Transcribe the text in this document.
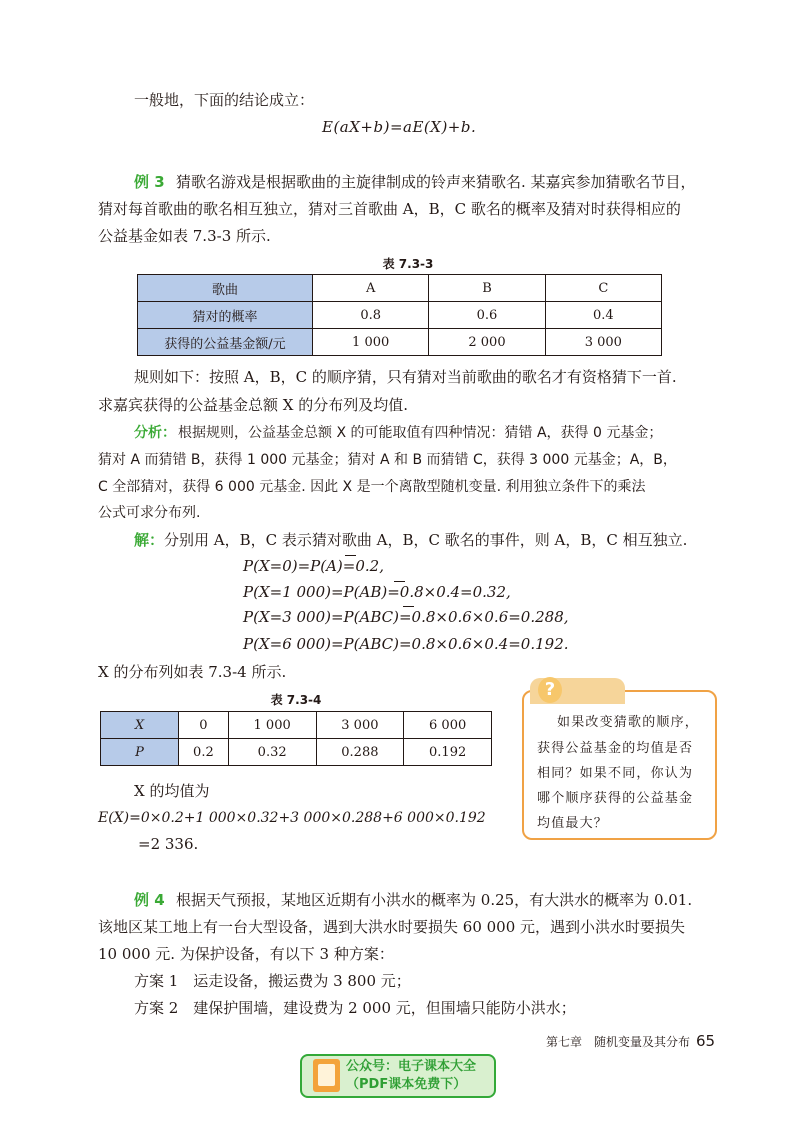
一般地，下面的结论成立：
E(aX+b)=aE(X)+b.
例 3 猜歌名游戏是根据歌曲的主旋律制成的铃声来猜歌名. 某嘉宾参加猜歌名节目，
猜对每首歌曲的歌名相互独立，猜对三首歌曲 A，B，C 歌名的概率及猜对时获得相应的
公益基金如表 7.3-3 所示.
表 7.3-3
歌曲	A	B	C
猜对的概率	0.8	0.6	0.4
获得的公益基金额/元	1 000	2 000	3 000
规则如下：按照 A，B，C 的顺序猜，只有猜对当前歌曲的歌名才有资格猜下一首.
求嘉宾获得的公益基金总额 X 的分布列及均值.
分析： 根据规则，公益基金总额 X 的可能取值有四种情况：猜错 A，获得 0 元基金；
猜对 A 而猜错 B，获得 1 000 元基金；猜对 A 和 B 而猜错 C，获得 3 000 元基金；A，B，
C 全部猜对，获得 6 000 元基金. 因此 X 是一个离散型随机变量. 利用独立条件下的乘法
公式可求分布列.
解： 分别用 A，B，C 表示猜对歌曲 A，B，C 歌名的事件，则 A，B，C 相互独立.
P(X=0)=P(A)=0.2,
P(X=1 000)=P(AB)=0.8×0.4=0.32,
P(X=3 000)=P(ABC)=0.8×0.6×0.6=0.288,
P(X=6 000)=P(ABC)=0.8×0.6×0.4=0.192.
X 的分布列如表 7.3-4 所示.
表 7.3-4
X	0	1 000	3 000	6 000
P	0.2	0.32	0.288	0.192
X 的均值为
E(X)=0×0.2+1 000×0.32+3 000×0.288+6 000×0.192
=2 336.
?
如果改变猜歌的顺序，
获得公益基金的均值是否
相同？如果不同，你认为
哪个顺序获得的公益基金
均值最大？
例 4 根据天气预报，某地区近期有小洪水的概率为 0.25，有大洪水的概率为 0.01.
该地区某工地上有一台大型设备，遇到大洪水时要损失 60 000 元，遇到小洪水时要损失
10 000 元. 为保护设备，有以下 3 种方案：
方案 1　运走设备，搬运费为 3 800 元；
方案 2　建保护围墙，建设费为 2 000 元，但围墙只能防小洪水；
第七章　随机变量及其分布 65
公众号：电子课本大全
（PDF课本免费下）
